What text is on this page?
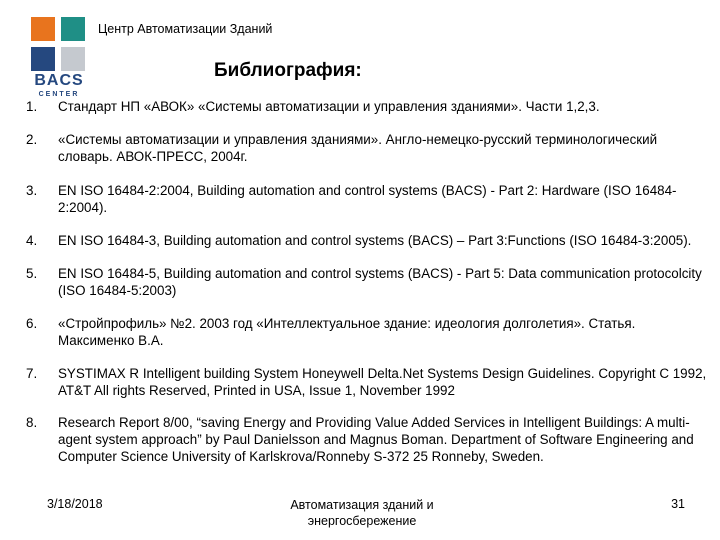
BACS
CENTER
Центр Автоматизации Зданий
Библиография:
1. Стандарт НП «АВОК» «Системы автоматизации и управления зданиями». Части 1,2,3.
2. «Системы автоматизации и управления зданиями». Англо-немецко-русский терминологический словарь. АВОК-ПРЕСС, 2004г.
3. EN ISO 16484-2:2004, Building automation and control systems (BACS) - Part 2: Hardware (ISO 16484-2:2004).
4. EN ISO 16484-3, Building automation and control systems (BACS) – Part 3:Functions (ISO 16484-3:2005).
5. EN ISO 16484-5, Building automation and control systems (BACS) - Part 5: Data communication protocolcity (ISO 16484-5:2003)
6. «Стройпрофиль» №2. 2003 год «Интеллектуальное здание: идеология долголетия». Статья. Максименко В.А.
7. SYSTIMAX R Intelligent building System Honeywell Delta.Net Systems Design Guidelines. Copyright C 1992, AT&T All rights Reserved, Printed in USA, Issue 1, November 1992
8. Research Report 8/00, “saving Energy and Providing Value Added Services in Intelligent Buildings: A multi-agent system approach” by Paul Danielsson and Magnus Boman. Department of Software Engineering and Computer Science University of Karlskrova/Ronneby S-372 25 Ronneby, Sweden.
3/18/2018	Автоматизация зданий и энергосбережение
31
